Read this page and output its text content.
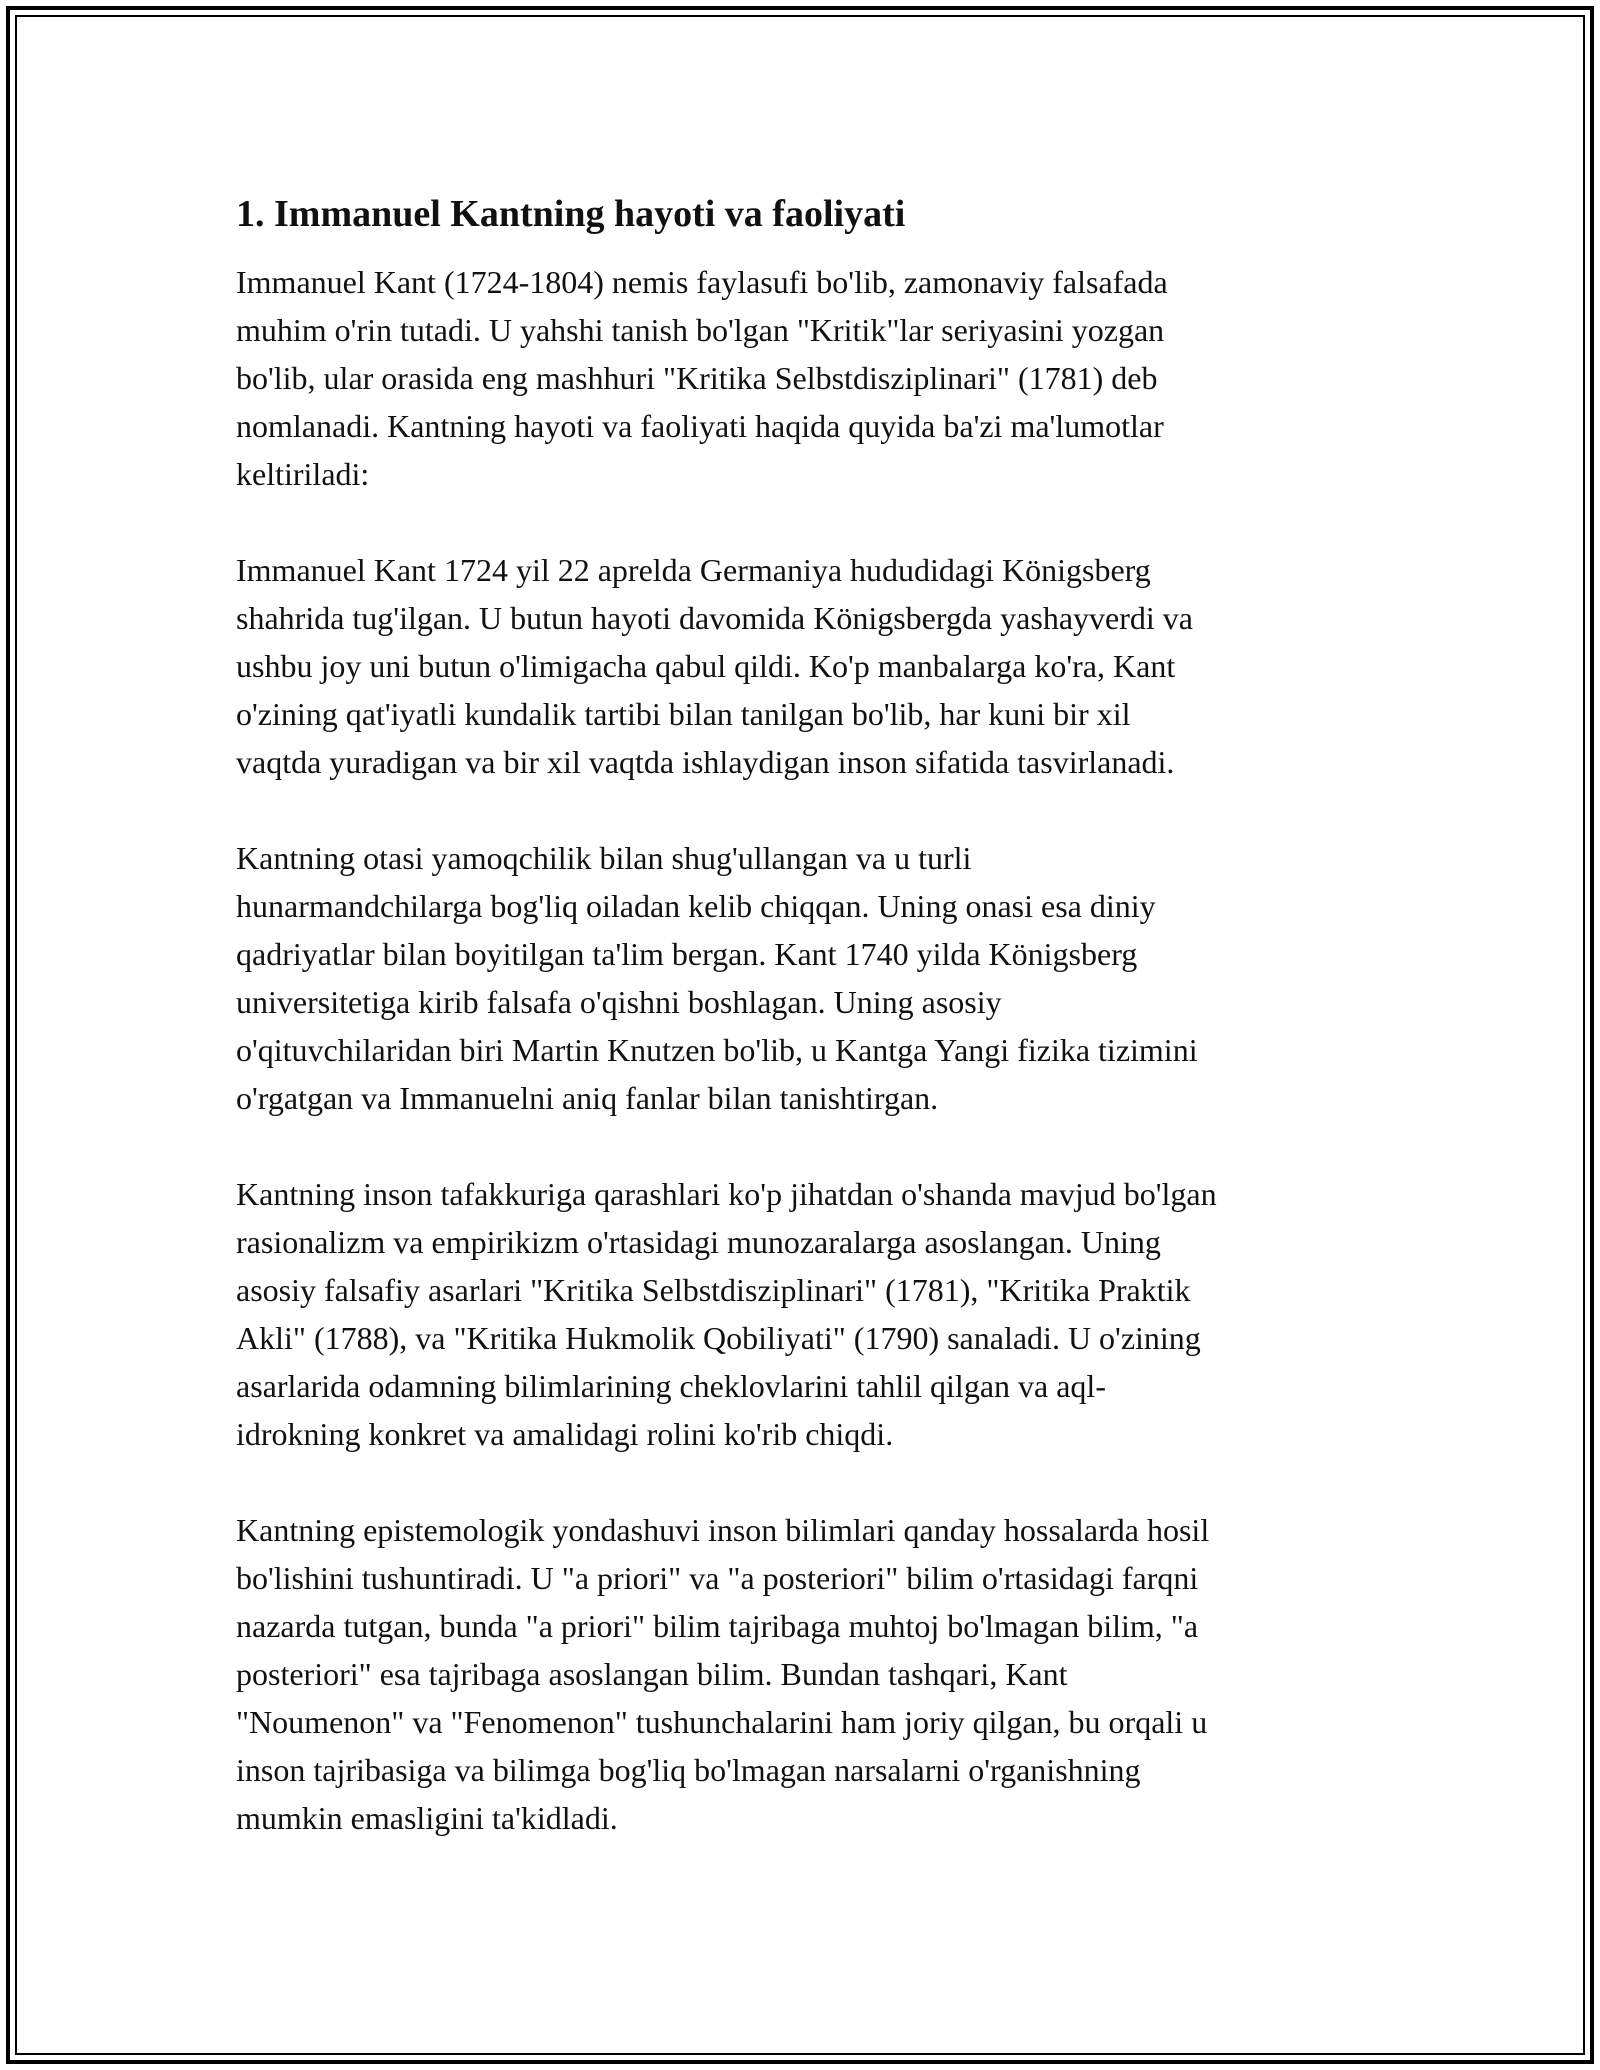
1. Immanuel Kantning hayoti va faoliyati
Immanuel Kant (1724-1804) nemis faylasufi bo'lib, zamonaviy falsafada
muhim o'rin tutadi. U yahshi tanish bo'lgan "Kritik"lar seriyasini yozgan
bo'lib, ular orasida eng mashhuri "Kritika Selbstdisziplinari" (1781) deb
nomlanadi. Kantning hayoti va faoliyati haqida quyida ba'zi ma'lumotlar
keltiriladi:
Immanuel Kant 1724 yil 22 aprelda Germaniya hududidagi Königsberg
shahrida tug'ilgan. U butun hayoti davomida Königsbergda yashayverdi va
ushbu joy uni butun o'limigacha qabul qildi. Ko'p manbalarga ko'ra, Kant
o'zining qat'iyatli kundalik tartibi bilan tanilgan bo'lib, har kuni bir xil
vaqtda yuradigan va bir xil vaqtda ishlaydigan inson sifatida tasvirlanadi.
Kantning otasi yamoqchilik bilan shug'ullangan va u turli
hunarmandchilarga bog'liq oiladan kelib chiqqan. Uning onasi esa diniy
qadriyatlar bilan boyitilgan ta'lim bergan. Kant 1740 yilda Königsberg
universitetiga kirib falsafa o'qishni boshlagan. Uning asosiy
o'qituvchilaridan biri Martin Knutzen bo'lib, u Kantga Yangi fizika tizimini
o'rgatgan va Immanuelni aniq fanlar bilan tanishtirgan.
Kantning inson tafakkuriga qarashlari ko'p jihatdan o'shanda mavjud bo'lgan
rasionalizm va empirikizm o'rtasidagi munozaralarga asoslangan. Uning
asosiy falsafiy asarlari "Kritika Selbstdisziplinari" (1781), "Kritika Praktik
Akli" (1788), va "Kritika Hukmolik Qobiliyati" (1790) sanaladi. U o'zining
asarlarida odamning bilimlarining cheklovlarini tahlil qilgan va aql-
idrokning konkret va amalidagi rolini ko'rib chiqdi.
Kantning epistemologik yondashuvi inson bilimlari qanday hossalarda hosil
bo'lishini tushuntiradi. U "a priori" va "a posteriori" bilim o'rtasidagi farqni
nazarda tutgan, bunda "a priori" bilim tajribaga muhtoj bo'lmagan bilim, "a
posteriori" esa tajribaga asoslangan bilim. Bundan tashqari, Kant
"Noumenon" va "Fenomenon" tushunchalarini ham joriy qilgan, bu orqali u
inson tajribasiga va bilimga bog'liq bo'lmagan narsalarni o'rganishning
mumkin emasligini ta'kidladi.
